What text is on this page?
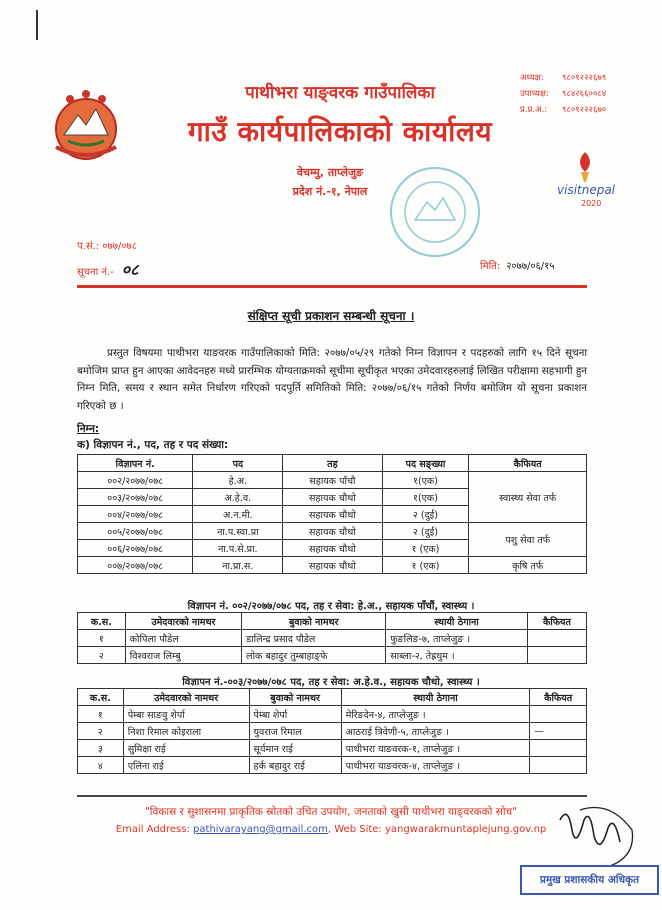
पाथीभरा याङ्वरक गाउँपालिका
गाउँ कार्यपालिकाको कार्यालय
वेचम्मु, ताप्लेजुङ
प्रदेश नं.-१, नेपाल
अध्यक्ष: ९८०१२२२६७९
उपाध्यक्ष: ९८४२६६००८४
प्र.प्र.अ.: ९८०१२२२६७०
visitnepal
2020
प.सं.: ०७७/०७८
सूचना नं.- ०८	मिति: २०७७/०६/१५
संक्षिप्त सूची प्रकाशन सम्बन्धी सूचना ।
प्रस्तुत विषयमा पाथीभरा याङवरक गाउँपालिकाको मिति: २०७७/०५/२९ गतेको निम्न विज्ञापन र पदहरुको लागि १५ दिने सूचना बमोजिम प्राप्त हुन आएका आवेदनहरु मध्ये प्रारम्भिक योग्यताक्रमको सूचीमा सूचीकृत भएका उमेदवारहरुलाई लिखित परीक्षामा सहभागी हुन निम्न मिति, समय र स्थान समेत निर्धारण गरिएको पदपुर्ति समितिको मिति: २०७७/०६/१५ गतेको निर्णय बमोजिम यो सूचना प्रकाशन गरिएको छ ।
निम्न:
क) विज्ञापन नं., पद, तह र पद संख्या:
विज्ञापन नं.	पद	तह	पद सङ्ख्या	कैफियत
००२/२०७७/०७८	हे.अ.	सहायक पाँचौ	१(एक)	स्वास्थ्य सेवा तर्फ
००३/२०७७/०७८	अ.हे.व.	सहायक चौथो	१(एक)	
००४/२०७७/०७८	अ.न.मी.	सहायक चौथो	२ (दुई)	
००५/२०७७/०७८	ना.प.स्वा.प्रा	सहायक चौथो	२ (दुई)	पशु सेवा तर्फ
००६/२०७७/०७८	ना.प.से.प्रा.	सहायक चौथो	१ (एक)	
००७/२०७७/०७८	ना.प्रा.स.	सहायक चौथो	१ (एक)	कृषि तर्फ
विज्ञापन नं. ००२/२०७७/०७८ पद, तह र सेवा: हे.अ., सहायक पाँचौं, स्वास्थ्य ।
क.स.	उमेदवारको नामथर	बुवाको नामथर	स्थायी ठेगाना	कैफियत
१	कोपिला पौडेल	डालिन्द्र प्रसाद पौडेल	फुङलिङ-७, ताप्लेजुङ ।	
२	विश्वराज लिम्बु	लोक बहादुर तुम्बाहाङ्फे	साब्ला-२, तेह्रथुम ।	
विज्ञापन नं.-००३/२०७७/०७८ पद, तह र सेवा: अ.हे.व., सहायक चौथो, स्वास्थ्य ।
क.स.	उमेदवारको नामथर	बुवाको नामथर	स्थायी ठेगाना	कैफियत
१	पेम्बा साङवु शेर्पा	पेम्बा शेर्पा	मेरिङदेन-४, ताप्लेजुङ ।	
२	निशा रिमाल कोइराला	युवराज रिमाल	आठराई त्रिवेणी-५, ताप्लेजुङ ।	—
३	सुमिक्षा राई	सूर्यमान राई	पाथीभरा याङवरक-१, ताप्लेजुङ ।	
४	एलिना राई	हर्क बहादुर राई	पाथीभरा याङवरक-४, ताप्लेजुङ ।	
"विकास र सुशासनमा प्राकृतिक स्रोतको उचित उपयोग, जनताको खुसी पाथीभरा याङ्वरकको सोच"
Email Address: pathivarayang@gmail.com, Web Site: yangwarakmuntaplejung.gov.np
प्रमुख प्रशासकीय अधिकृत
